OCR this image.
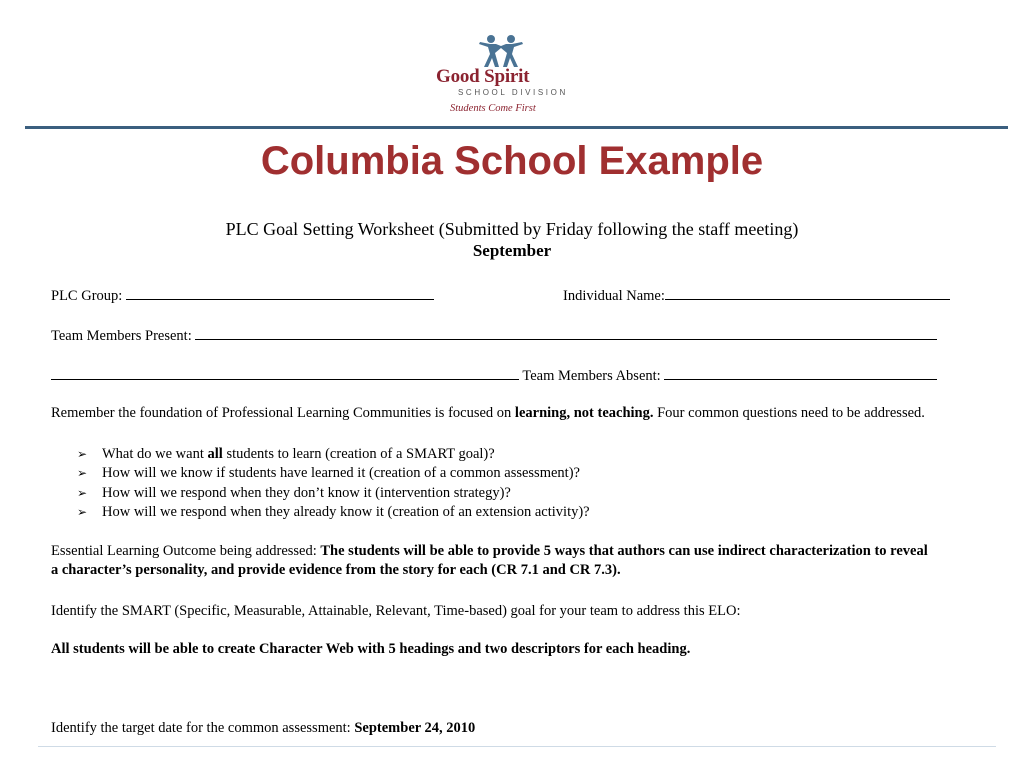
Good Spirit
SCHOOL DIVISION
Students Come First
Columbia School Example
PLC Goal Setting Worksheet (Submitted by Friday following the staff meeting)
September
PLC Group:	Individual Name:
Team Members Present:
Team Members Absent:
Remember the foundation of Professional Learning Communities is focused on learning, not teaching. Four common questions need to be addressed.
➢ What do we want all students to learn (creation of a SMART goal)?
➢ How will we know if students have learned it (creation of a common assessment)?
➢ How will we respond when they don’t know it (intervention strategy)?
➢ How will we respond when they already know it (creation of an extension activity)?
Essential Learning Outcome being addressed: The students will be able to provide 5 ways that authors can use indirect characterization to reveal a character’s personality, and provide evidence from the story for each (CR 7.1 and CR 7.3).
Identify the SMART (Specific, Measurable, Attainable, Relevant, Time-based) goal for your team to address this ELO:
All students will be able to create Character Web with 5 headings and two descriptors for each heading.
Identify the target date for the common assessment: September 24, 2010
